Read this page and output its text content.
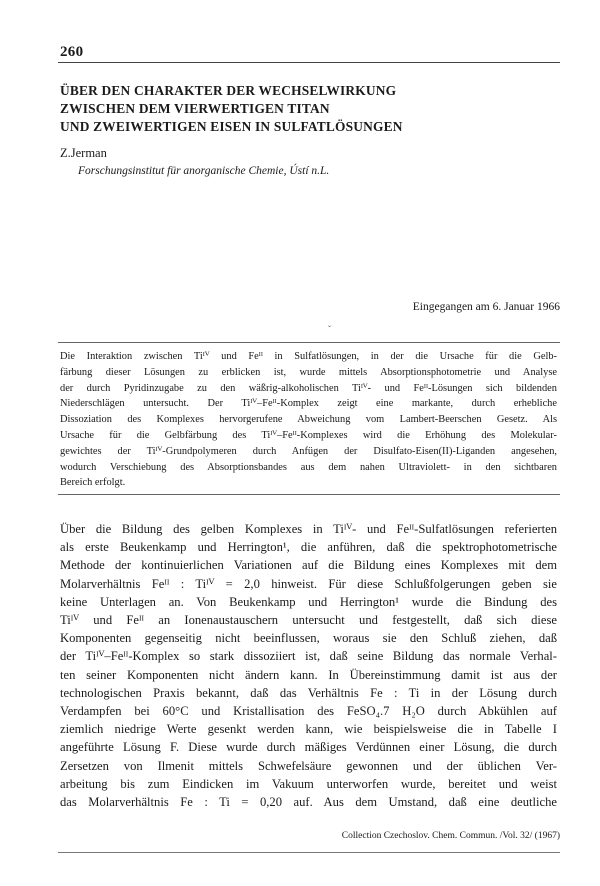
260
ÜBER DEN CHARAKTER DER WECHSELWIRKUNG
ZWISCHEN DEM VIERWERTIGEN TITAN
UND ZWEIWERTIGEN EISEN IN SULFATLÖSUNGEN
Z.Jerman
Forschungsinstitut für anorganische Chemie, Ústí n.L.
Eingegangen am 6. Januar 1966
ˇ
Die Interaktion zwischen Tiᴵⱽ und Feᴵᴵ in Sulfatlösungen, in der die Ursache für die Gelb-
färbung dieser Lösungen zu erblicken ist, wurde mittels Absorptionsphotometrie und Analyse
der durch Pyridinzugabe zu den wäßrig-alkoholischen Tiᴵⱽ- und Feᴵᴵ-Lösungen sich bildenden
Niederschlägen untersucht. Der Tiᴵⱽ–Feᴵᴵ-Komplex zeigt eine markante, durch erhebliche
Dissoziation des Komplexes hervorgerufene Abweichung vom Lambert-Beerschen Gesetz. Als
Ursache für die Gelbfärbung des Tiᴵⱽ–Feᴵᴵ-Komplexes wird die Erhöhung des Molekular-
gewichtes der Tiᴵⱽ-Grundpolymeren durch Anfügen der Disulfato-Eisen(II)-Liganden angesehen,
wodurch Verschiebung des Absorptionsbandes aus dem nahen Ultraviolett- in den sichtbaren
Bereich erfolgt.
Über die Bildung des gelben Komplexes in Tiᴵⱽ- und Feᴵᴵ-Sulfatlösungen referierten
als erste Beukenkamp und Herrington¹, die anführen, daß die spektrophotometrische
Methode der kontinuierlichen Variationen auf die Bildung eines Komplexes mit dem
Molarverhältnis Feᴵᴵ : Tiᴵⱽ = 2,0 hinweist. Für diese Schlußfolgerungen geben sie
keine Unterlagen an. Von Beukenkamp und Herrington¹ wurde die Bindung des
Tiᴵⱽ und Feᴵᴵ an Ionenaustauschern untersucht und festgestellt, daß sich diese
Komponenten gegenseitig nicht beeinflussen, woraus sie den Schluß ziehen, daß
der Tiᴵⱽ–Feᴵᴵ-Komplex so stark dissoziiert ist, daß seine Bildung das normale Verhal-
ten seiner Komponenten nicht ändern kann. In Übereinstimmung damit ist aus der
technologischen Praxis bekannt, daß das Verhältnis Fe : Ti in der Lösung durch
Verdampfen bei 60°C und Kristallisation des FeSO₄.7 H₂O durch Abkühlen auf
ziemlich niedrige Werte gesenkt werden kann, wie beispielsweise die in Tabelle I
angeführte Lösung F. Diese wurde durch mäßiges Verdünnen einer Lösung, die durch
Zersetzen von Ilmenit mittels Schwefelsäure gewonnen und der üblichen Ver-
arbeitung bis zum Eindicken im Vakuum unterworfen wurde, bereitet und weist
das Molarverhältnis Fe : Ti = 0,20 auf. Aus dem Umstand, daß eine deutliche
Collection Czechoslov. Chem. Commun. /Vol. 32/ (1967)
